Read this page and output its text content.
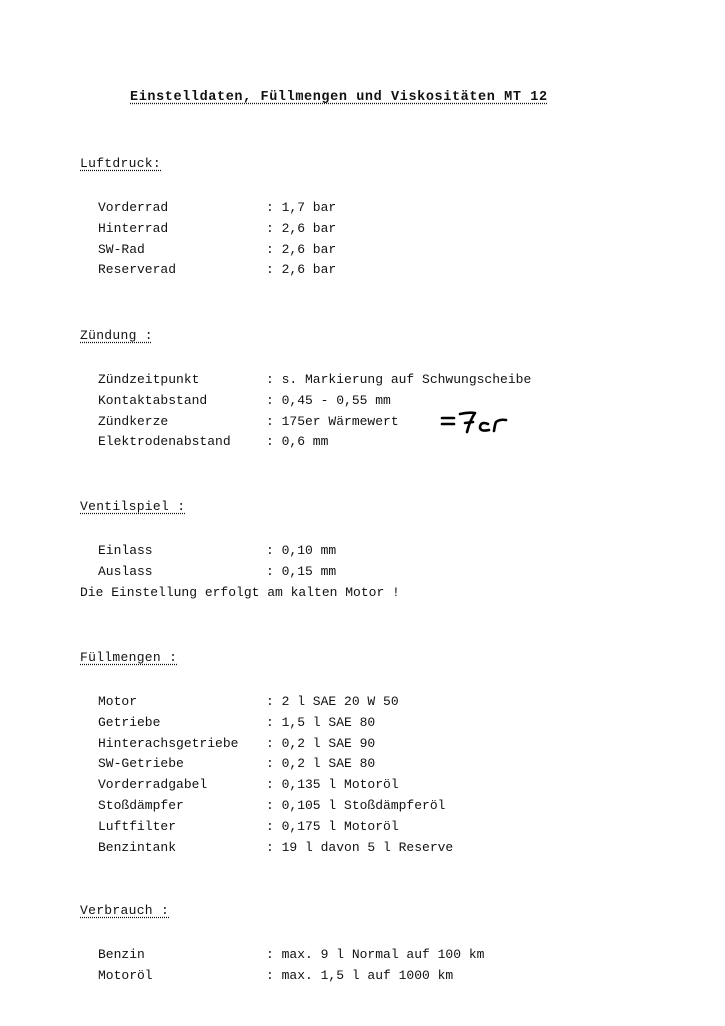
Einstelldaten, Füllmengen und Viskositäten MT 12
Luftdruck:
Vorderrad	: 1,7 bar
Hinterrad	: 2,6 bar
SW-Rad	: 2,6 bar
Reserverad	: 2,6 bar
Zündung :
Zündzeitpunkt	: s. Markierung auf Schwungscheibe
Kontaktabstand	: 0,45 - 0,55 mm
Zündkerze	: 175er Wärmewert
Elektrodenabstand	: 0,6 mm
Ventilspiel :
Einlass	: 0,10 mm
Auslass	: 0,15 mm
Die Einstellung erfolgt am kalten Motor !
Füllmengen :
Motor	: 2 l SAE 20 W 50
Getriebe	: 1,5 l SAE 80
Hinterachsgetriebe	: 0,2 l SAE 90
SW-Getriebe	: 0,2 l SAE 80
Vorderradgabel	: 0,135 l Motoröl
Stoßdämpfer	: 0,105 l Stoßdämpferöl
Luftfilter	: 0,175 l Motoröl
Benzintank	: 19 l davon 5 l Reserve
Verbrauch :
Benzin	: max. 9 l Normal auf 100 km
Motoröl	: max. 1,5 l auf 1000 km
